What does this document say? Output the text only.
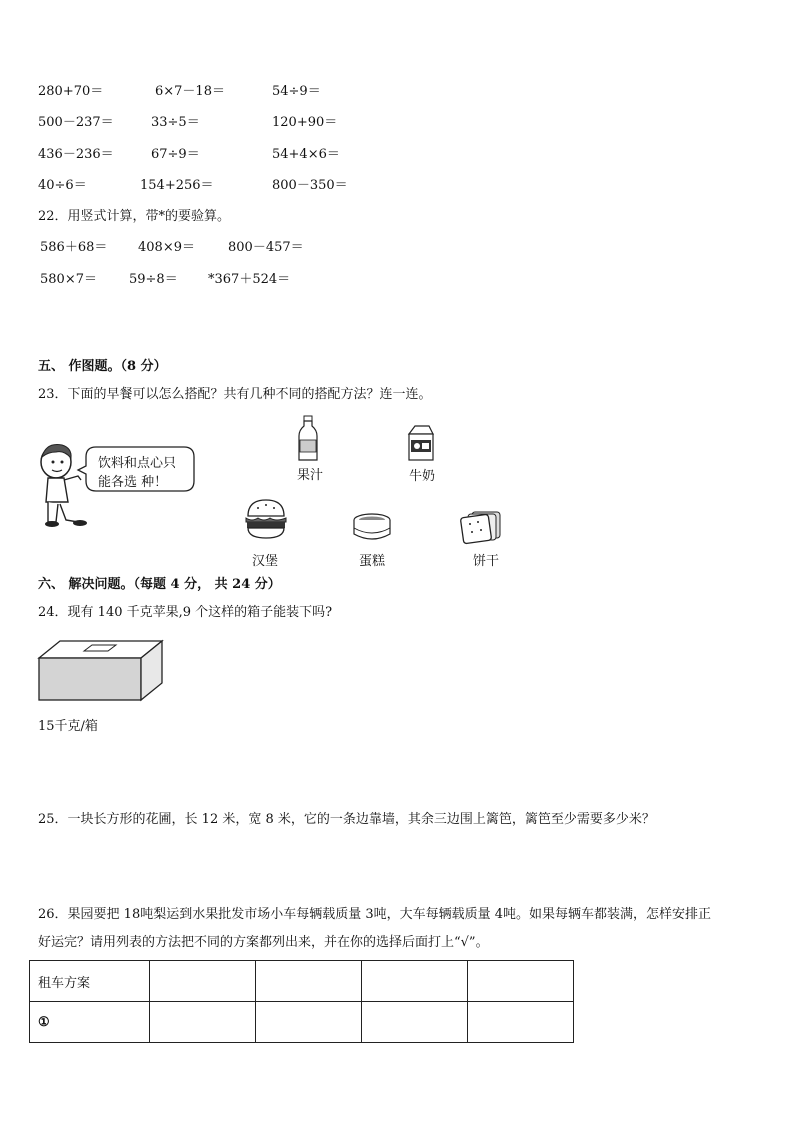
280+70＝	6×7－18＝	54÷9＝
500－237＝	33÷5＝	120+90＝
436－236＝	67÷9＝	54+4×6＝
40÷6＝	154+256＝	800－350＝
22．用竖式计算，带*的要验算。
586＋68＝ 408×9＝	800－457＝
580×7＝ 59÷8＝ *367＋524＝
五、 作图题。（8 分）
23．下面的早餐可以怎么搭配？共有几种不同的搭配方法？连一连。
饮料和点心只
能各选 种！	果汁	牛奶
汉堡	蛋糕	饼干
六、 解决问题。（每题 4 分， 共 24 分）
24．现有 140 千克苹果,9 个这样的箱子能装下吗?
15千克/箱
25．一块长方形的花圃，长 12 米，宽 8 米，它的一条边靠墙，其余三边围上篱笆，篱笆至少需要多少米？
26．果园要把 18吨梨运到水果批发市场小车每辆载质量 3吨，大车每辆载质量 4吨。如果每辆车都装满，怎样安排正
好运完？请用列表的方法把不同的方案都列出来，并在你的选择后面打上“√”。
租车方案				
①				
